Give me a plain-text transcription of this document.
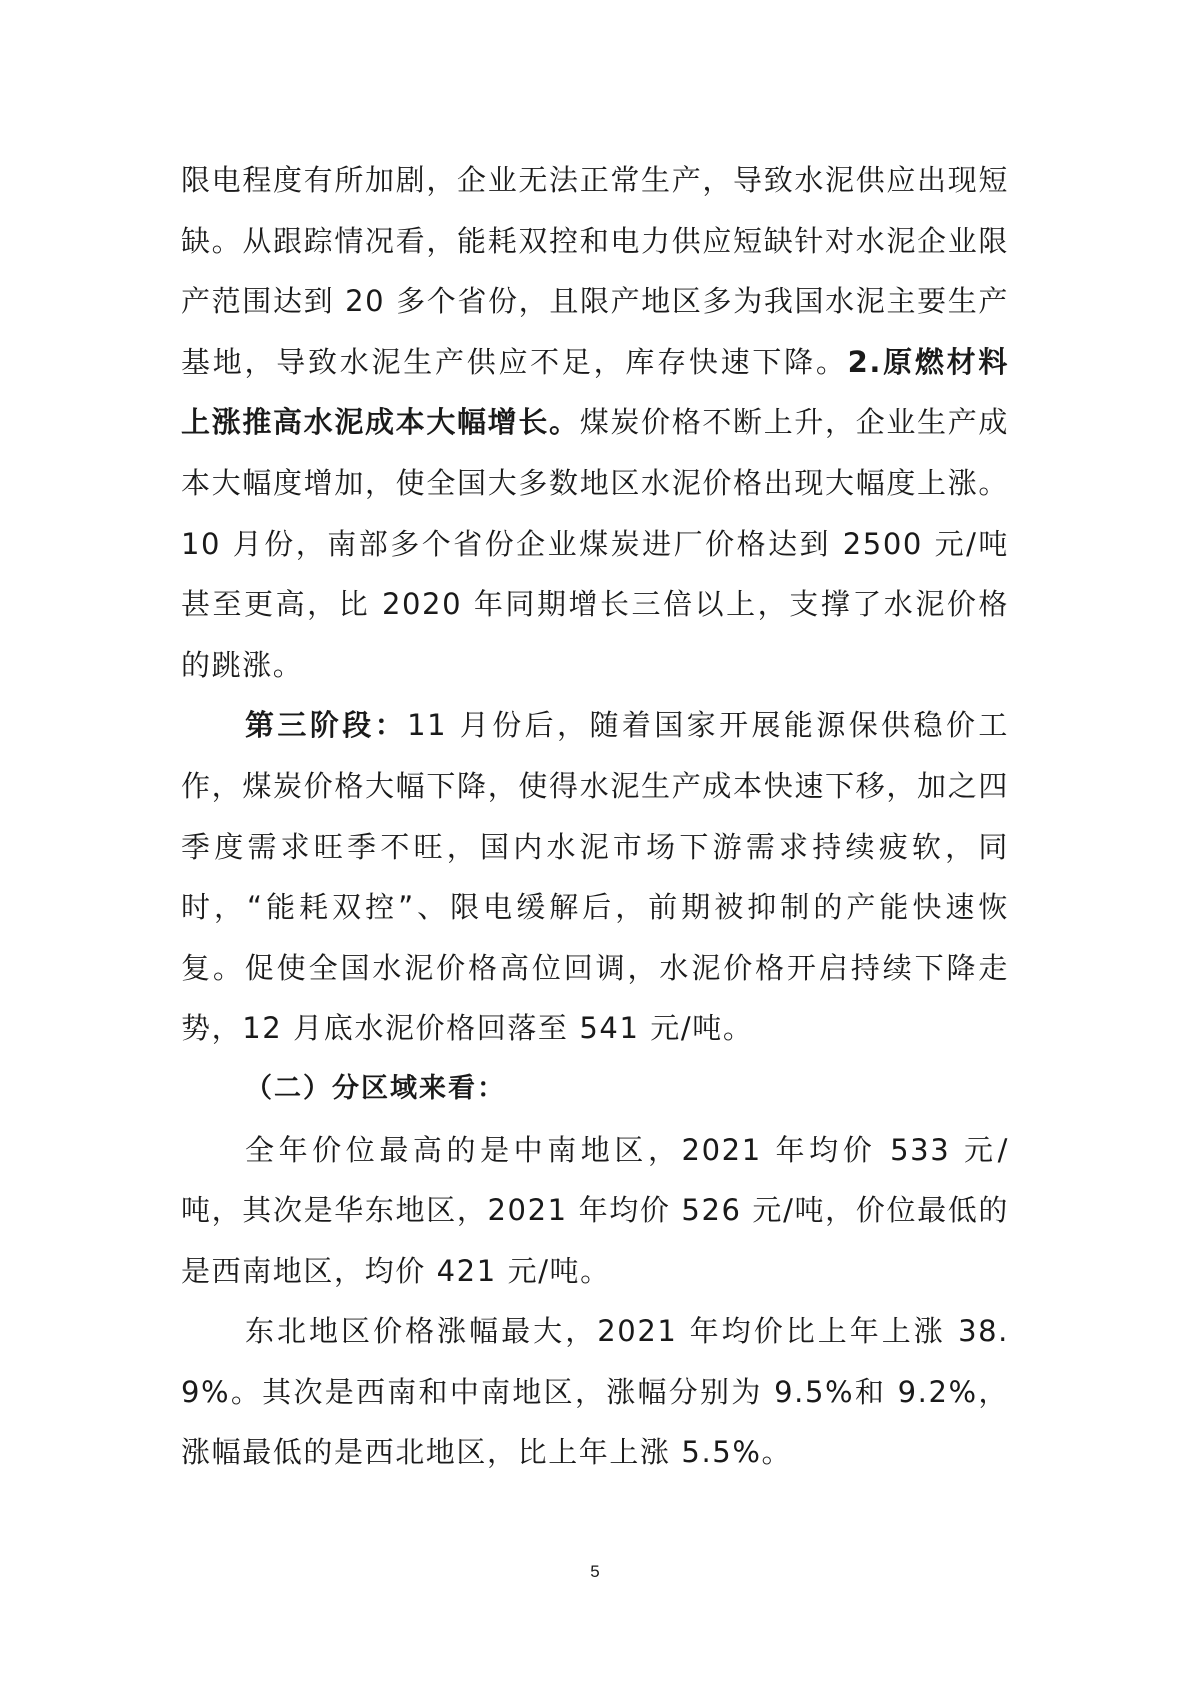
限电程度有所加剧，企业无法正常生产，导致水泥供应出现短缺。从跟踪情况看，能耗双控和电力供应短缺针对水泥企业限产范围达到 20 多个省份，且限产地区多为我国水泥主要生产基地，导致水泥生产供应不足，库存快速下降。2.原燃材料上涨推高水泥成本大幅增长。煤炭价格不断上升，企业生产成本大幅度增加，使全国大多数地区水泥价格出现大幅度上涨。10 月份，南部多个省份企业煤炭进厂价格达到 2500 元/吨甚至更高，比 2020 年同期增长三倍以上，支撑了水泥价格的跳涨。

第三阶段：11 月份后，随着国家开展能源保供稳价工作，煤炭价格大幅下降，使得水泥生产成本快速下移，加之四季度需求旺季不旺，国内水泥市场下游需求持续疲软，同时，“能耗双控”、限电缓解后，前期被抑制的产能快速恢复。促使全国水泥价格高位回调，水泥价格开启持续下降走势，12 月底水泥价格回落至 541 元/吨。

（二）分区域来看：

全年价位最高的是中南地区，2021 年均价 533 元/吨，其次是华东地区，2021 年均价 526 元/吨，价位最低的是西南地区，均价 421 元/吨。

东北地区价格涨幅最大，2021 年均价比上年上涨 38.9%。其次是西南和中南地区，涨幅分别为 9.5%和 9.2%，涨幅最低的是西北地区，比上年上涨 5.5%。

5
